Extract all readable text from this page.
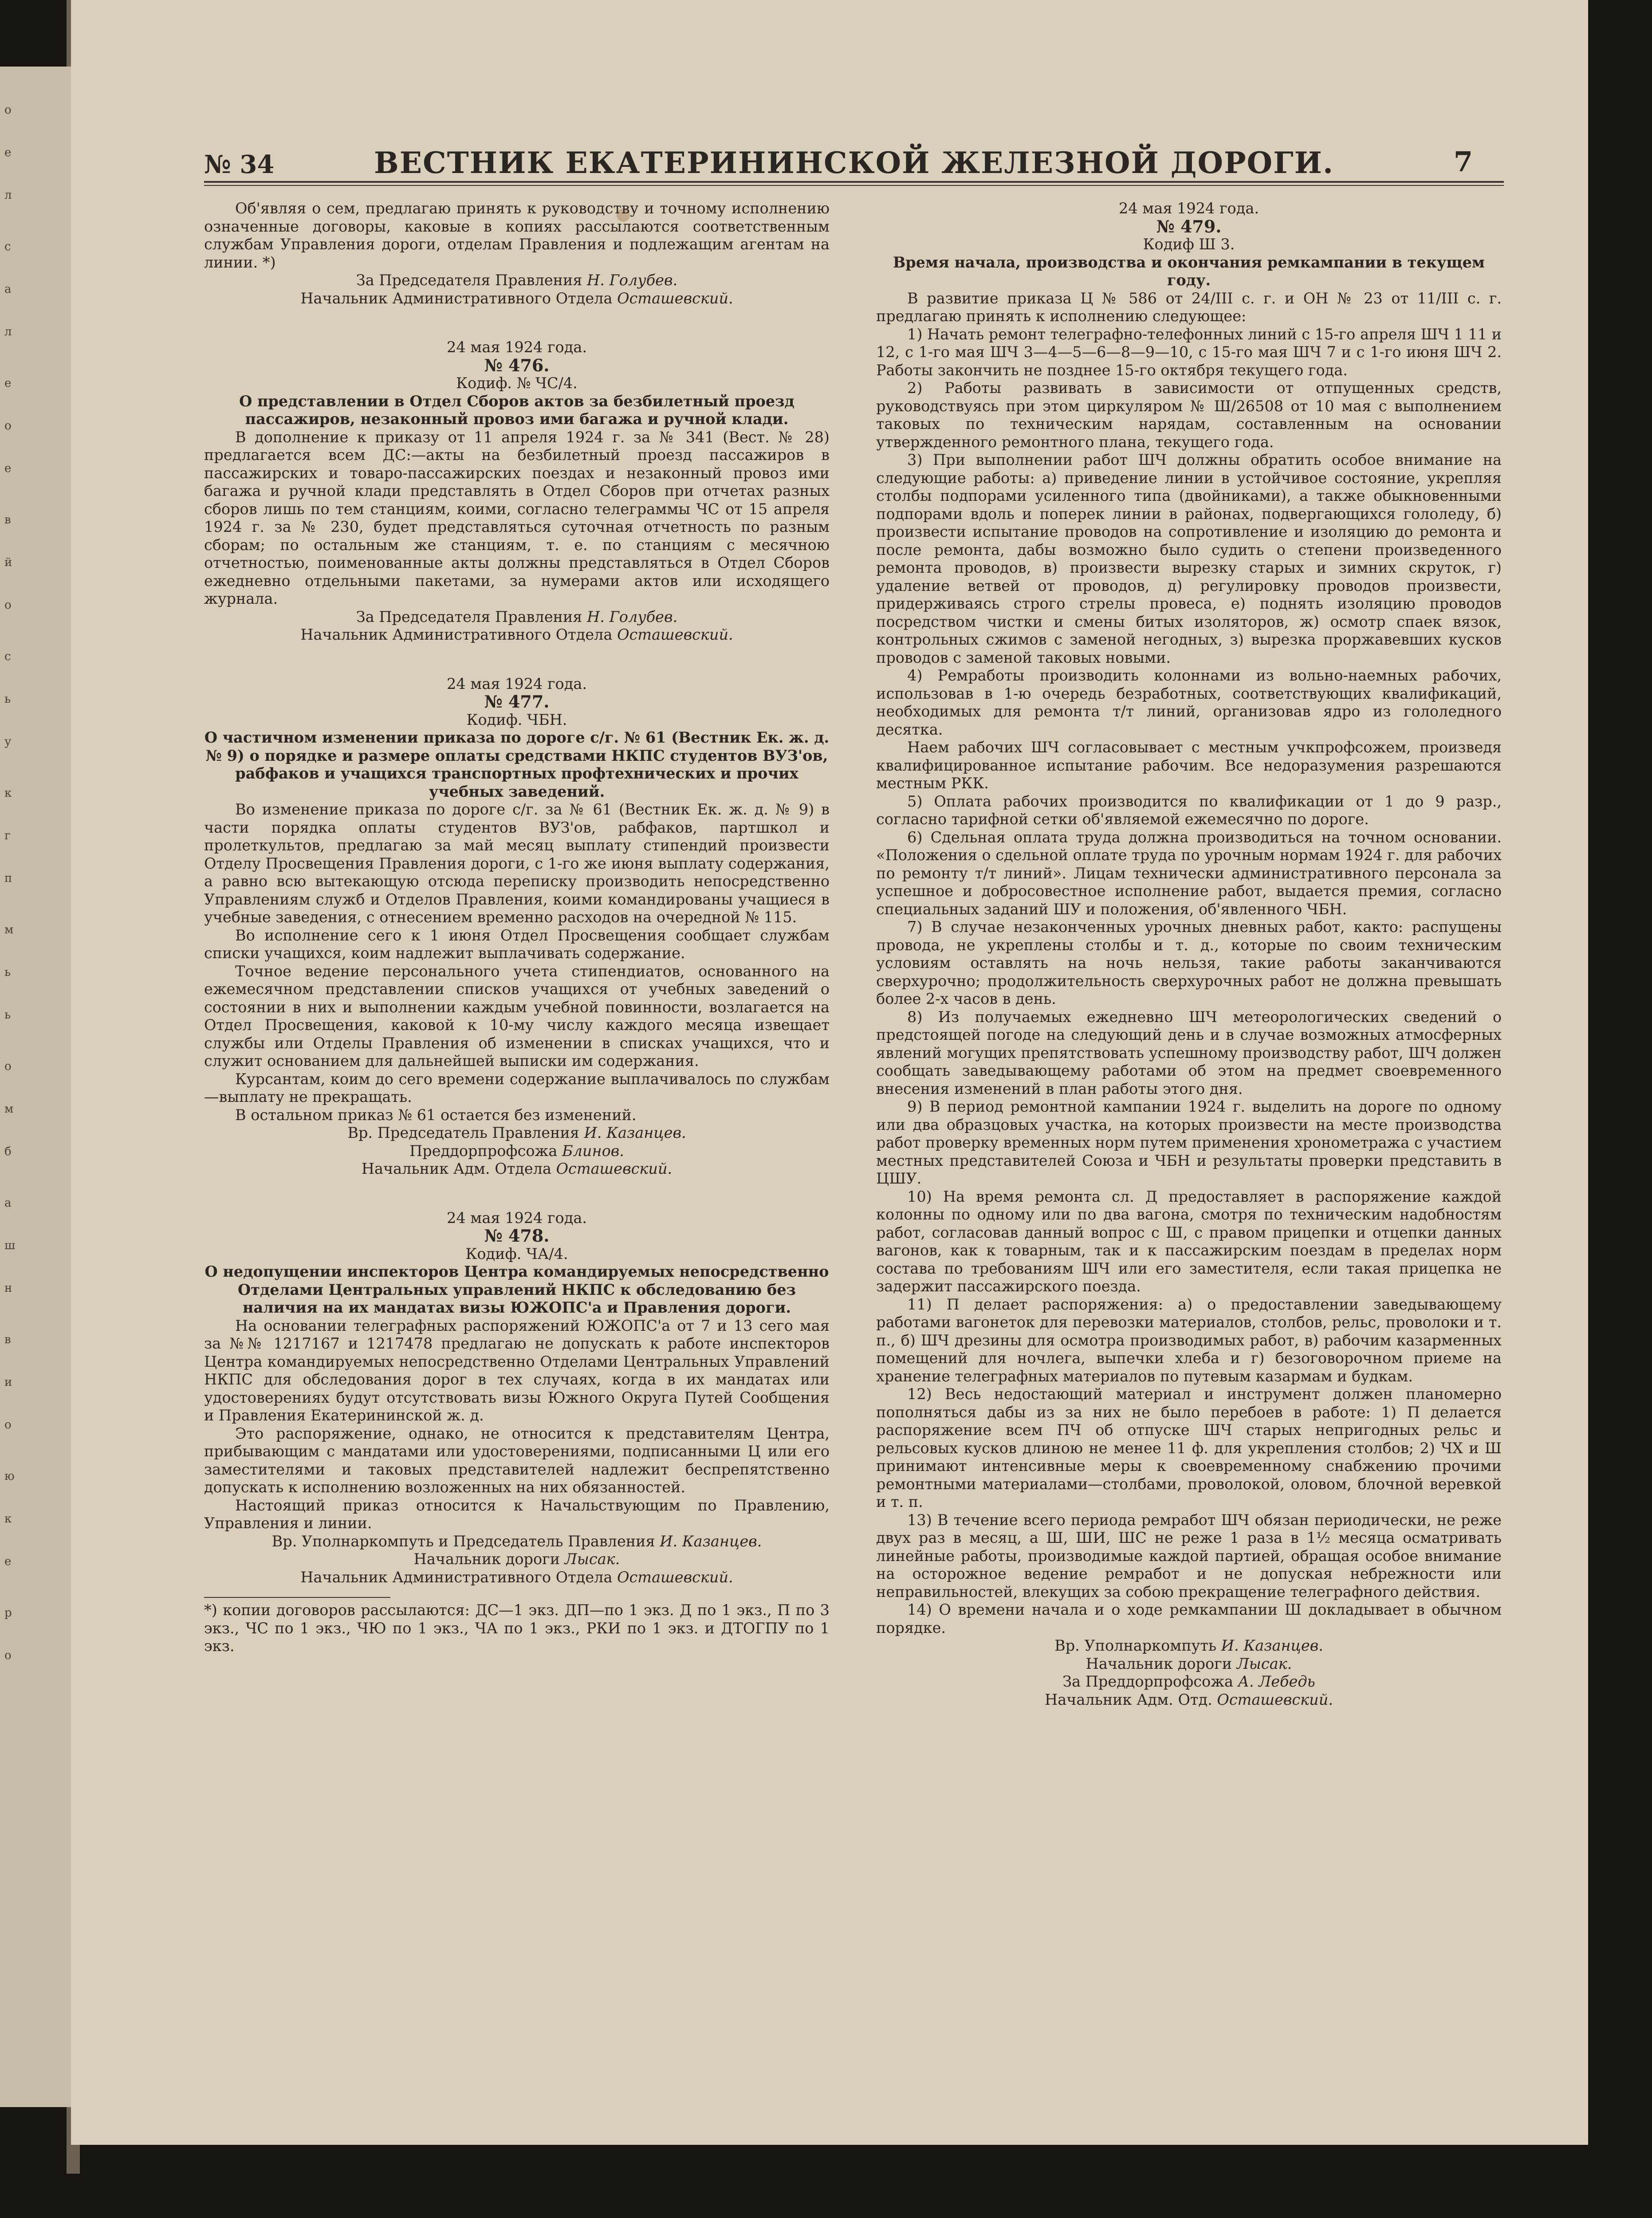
о
е
л
с
а
л
е
о
е
в
й
о
с
ь
у
к
г
п
м
ь
ь
о
м
б
а
ш
н
в
и
о
ю
к
е
р
о
№ 34	ВЕСТНИК ЕКАТЕРИНИНСКОЙ ЖЕЛЕЗНОЙ ДОРОГИ.	7

Об'являя о сем, предлагаю принять к руководству и точному исполнению означенные договоры, каковые в копиях рассылаются соответственным службам Управления дороги, отделам Правления и подлежащим агентам на линии. *)

За Председателя Правления Н. Голубев.

Начальник Административного Отдела Осташевский.

24 мая 1924 года.

№ 476.

Кодиф. № ЧС/4.

О представлении в Отдел Сборов актов за безбилетный проезд пассажиров, незаконный провоз ими багажа и ручной клади.

В дополнение к приказу от 11 апреля 1924 г. за № 341 (Вест. № 28) предлагается всем ДС:—акты на безбилетный проезд пассажиров в пассажирских и товаро-пассажирских поездах и незаконный провоз ими багажа и ручной клади представлять в Отдел Сборов при отчетах разных сборов лишь по тем станциям, коими, согласно телеграммы ЧС от 15 апреля 1924 г. за № 230, будет представляться суточная отчетность по разным сборам; по остальным же станциям, т. е. по станциям с месячною отчетностью, поименованные акты должны представляться в Отдел Сборов ежедневно отдельными пакетами, за нумерами актов или исходящего журнала.

За Председателя Правления Н. Голубев.

Начальник Административного Отдела Осташевский.

24 мая 1924 года.

№ 477.

Кодиф. ЧБН.

О частичном изменении приказа по дороге с/г. № 61 (Вестник Ек. ж. д. № 9) о порядке и размере оплаты средствами НКПС студентов ВУЗ'ов, рабфаков и учащихся транспортных профтехнических и прочих учебных заведений.

Во изменение приказа по дороге с/г. за № 61 (Вестник Ек. ж. д. № 9) в части порядка оплаты студентов ВУЗ'ов, рабфаков, партшкол и пролеткультов, предлагаю за май месяц выплату стипендий произвести Отделу Просвещения Правления дороги, с 1-го же июня выплату содержания, а равно всю вытекающую отсюда переписку производить непосредственно Управлениям служб и Отделов Правления, коими командированы учащиеся в учебные заведения, с отнесением временно расходов на очередной № 115.

Во исполнение сего к 1 июня Отдел Просвещения сообщает службам списки учащихся, коим надлежит выплачивать содержание.

Точное ведение персонального учета стипендиатов, основанного на ежемесячном представлении списков учащихся от учебных заведений о состоянии в них и выполнении каждым учебной повинности, возлагается на Отдел Просвещения, каковой к 10-му числу каждого месяца извещает службы или Отделы Правления об изменении в списках учащихся, что и служит основанием для дальнейшей выписки им содержания.

Курсантам, коим до сего времени содержание выплачивалось по службам—выплату не прекращать.

В остальном приказ № 61 остается без изменений.

Вр. Председатель Правления И. Казанцев.

Преддорпрофсожа Блинов.

Начальник Адм. Отдела Осташевский.

24 мая 1924 года.

№ 478.

Кодиф. ЧА/4.

О недопущении инспекторов Центра командируемых непосредственно Отделами Центральных управлений НКПС к обследованию без наличия на их мандатах визы ЮЖОПС'а и Правления дороги.

На основании телеграфных распоряжений ЮЖОПС'а от 7 и 13 сего мая за №№ 1217167 и 1217478 предлагаю не допускать к работе инспекторов Центра командируемых непосредственно Отделами Центральных Управлений НКПС для обследования дорог в тех случаях, когда в их мандатах или удостоверениях будут отсутствовать визы Южного Округа Путей Сообщения и Правления Екатерининской ж. д.

Это распоряжение, однако, не относится к представителям Центра, прибывающим с мандатами или удостоверениями, подписанными Ц или его заместителями и таковых представителей надлежит беспрепятственно допускать к исполнению возложенных на них обязанностей.

Настоящий приказ относится к Начальствующим по Правлению, Управления и линии.

Вр. Уполнаркомпуть и Председатель Правления И. Казанцев.

Начальник дороги Лысак.

Начальник Административного Отдела Осташевский.

*) копии договоров рассылаются: ДС—1 экз. ДП—по 1 экз. Д по 1 экз., П по 3 экз., ЧС по 1 экз., ЧЮ по 1 экз., ЧА по 1 экз., РКИ по 1 экз. и ДТОГПУ по 1 экз.

24 мая 1924 года.

№ 479.

Кодиф Ш 3.

Время начала, производства и окончания ремкампании в текущем году.

В развитие приказа Ц № 586 от 24/III с. г. и ОН № 23 от 11/III с. г. предлагаю принять к исполнению следующее:

1) Начать ремонт телеграфно-телефонных линий с 15-го апреля ШЧ 1 11 и 12, с 1-го мая ШЧ 3—4—5—6—8—9—10, с 15-го мая ШЧ 7 и с 1-го июня ШЧ 2. Работы закончить не позднее 15-го октября текущего года.

2) Работы развивать в зависимости от отпущенных средств, руководствуясь при этом циркуляром № Ш/26508 от 10 мая с выполнением таковых по техническим нарядам, составленным на основании утвержденного ремонтного плана, текущего года.

3) При выполнении работ ШЧ должны обратить особое внимание на следующие работы: а) приведение линии в устойчивое состояние, укрепляя столбы подпорами усиленного типа (двойниками), а также обыкновенными подпорами вдоль и поперек линии в районах, подвергающихся гололеду, б) произвести испытание проводов на сопротивление и изоляцию до ремонта и после ремонта, дабы возможно было судить о степени произведенного ремонта проводов, в) произвести вырезку старых и зимних скруток, г) удаление ветвей от проводов, д) регулировку проводов произвести, придерживаясь строго стрелы провеса, е) поднять изоляцию проводов посредством чистки и смены битых изоляторов, ж) осмотр спаек вязок, контрольных сжимов с заменой негодных, з) вырезка проржавевших кусков проводов с заменой таковых новыми.

4) Ремработы производить колоннами из вольно-наемных рабочих, использовав в 1-ю очередь безработных, соответствующих квалификаций, необходимых для ремонта т/т линий, организовав ядро из гололедного десятка.

Наем рабочих ШЧ согласовывает с местным учкпрофсожем, произведя квалифицированное испытание рабочим. Все недоразумения разрешаются местным РКК.

5) Оплата рабочих производится по квалификации от 1 до 9 разр., согласно тарифной сетки об'являемой ежемесячно по дороге.

6) Сдельная оплата труда должна производиться на точном основании. «Положения о сдельной оплате труда по урочным нормам 1924 г. для рабочих по ремонту т/т линий». Лицам технически административного персонала за успешное и добросовестное исполнение работ, выдается премия, согласно специальных заданий ШУ и положения, об'явленного ЧБН.

7) В случае незаконченных урочных дневных работ, както: распущены провода, не укреплены столбы и т. д., которые по своим техническим условиям оставлять на ночь нельзя, такие работы заканчиваются сверхурочно; продолжительность сверхурочных работ не должна превышать более 2-х часов в день.

8) Из получаемых ежедневно ШЧ метеорологических сведений о предстоящей погоде на следующий день и в случае возможных атмосферных явлений могущих препятствовать успешному производству работ, ШЧ должен сообщать заведывающему работами об этом на предмет своевременного внесения изменений в план работы этого дня.

9) В период ремонтной кампании 1924 г. выделить на дороге по одному или два образцовых участка, на которых произвести на месте производства работ проверку временных норм путем применения хронометража с участием местных представителей Союза и ЧБН и результаты проверки представить в ЦШУ.

10) На время ремонта сл. Д предоставляет в распоряжение каждой колонны по одному или по два вагона, смотря по техническим надобностям работ, согласовав данный вопрос с Ш, с правом прицепки и отцепки данных вагонов, как к товарным, так и к пассажирским поездам в пределах норм состава по требованиям ШЧ или его заместителя, если такая прицепка не задержит пассажирского поезда.

11) П делает распоряжения: а) о предоставлении заведывающему работами вагонеток для перевозки материалов, столбов, рельс, проволоки и т. п., б) ШЧ дрезины для осмотра производимых работ, в) рабочим казарменных помещений для ночлега, выпечки хлеба и г) безоговорочном приеме на хранение телеграфных материалов по путевым казармам и будкам.

12) Весь недостающий материал и инструмент должен планомерно пополняться дабы из за них не было перебоев в работе: 1) П делается распоряжение всем ПЧ об отпуске ШЧ старых непригодных рельс и рельсовых кусков длиною не менее 11 ф. для укрепления столбов; 2) ЧХ и Ш принимают интенсивные меры к своевременному снабжению прочими ремонтными материалами—столбами, проволокой, оловом, блочной веревкой и т. п.

13) В течение всего периода ремработ ШЧ обязан периодически, не реже двух раз в месяц, а Ш, ШИ, ШС не реже 1 раза в 1½ месяца осматривать линейные работы, производимые каждой партией, обращая особое внимание на осторожное ведение ремработ и не допуская небрежности или неправильностей, влекущих за собою прекращение телеграфного действия.

14) О времени начала и о ходе ремкампании Ш докладывает в обычном порядке.

Вр. Уполнаркомпуть И. Казанцев.

Начальник дороги Лысак.

За Преддорпрофсожа А. Лебедь

Начальник Адм. Отд. Осташевский.
